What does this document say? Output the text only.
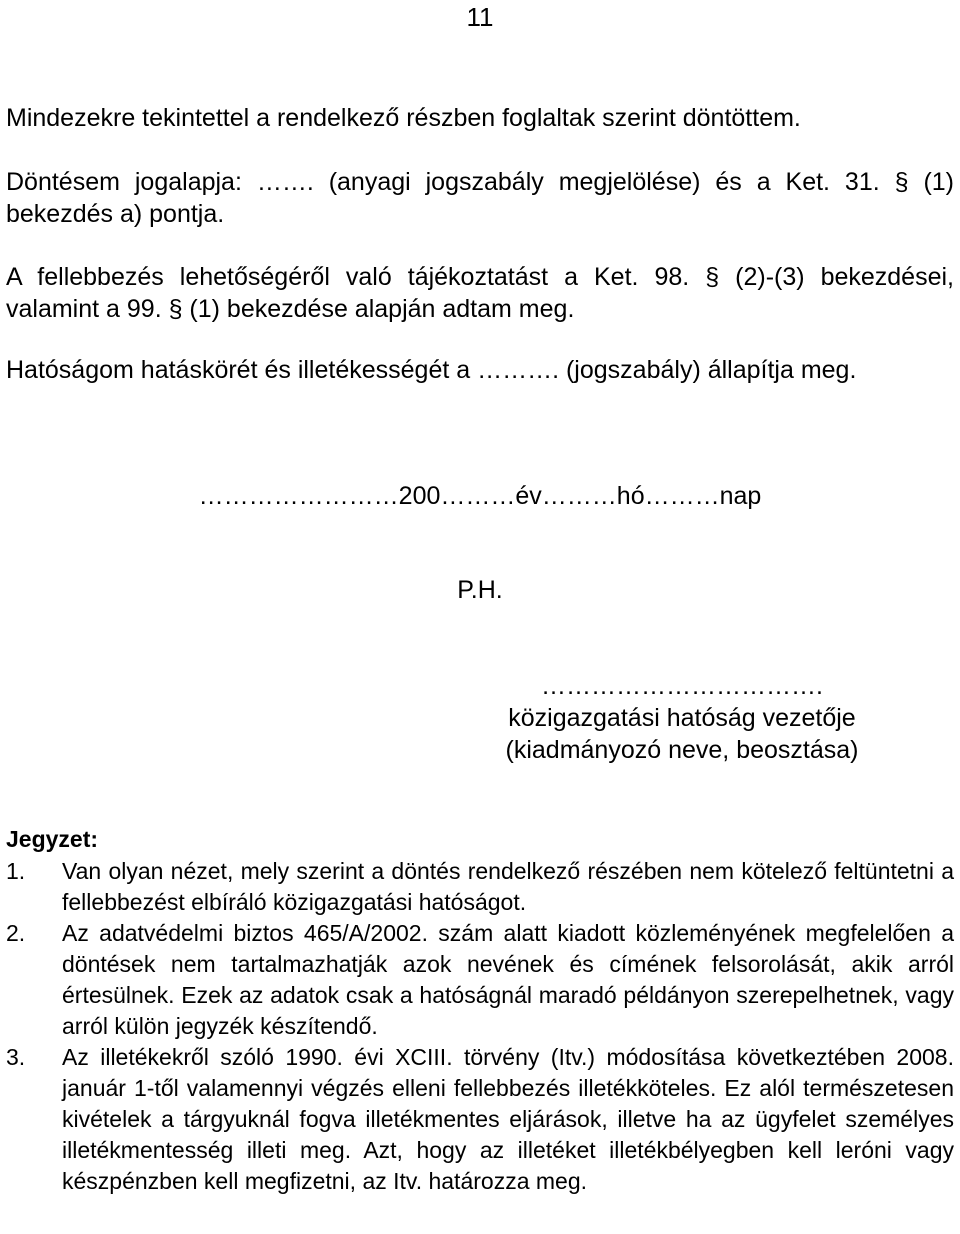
11

Mindezekre tekintettel a rendelkező részben foglaltak szerint döntöttem.

Döntésem jogalapja: ……. (anyagi jogszabály megjelölése) és a Ket. 31. § (1) bekezdés a) pontja.

A fellebbezés lehetőségéről való tájékoztatást a Ket. 98. § (2)-(3) bekezdései, valamint a 99. § (1) bekezdése alapján adtam meg.

Hatóságom hatáskörét és illetékességét a ………. (jogszabály) állapítja meg.

……………………200………év………hó………nap
P.H.
…………………………….
közigazgatási hatóság vezetője
(kiadmányozó neve, beosztása)
Jegyzet:

1. Van olyan nézet, mely szerint a döntés rendelkező részében nem kötelező feltüntetni a fellebbezést elbíráló közigazgatási hatóságot.

2. Az adatvédelmi biztos 465/A/2002. szám alatt kiadott közleményének megfelelően a döntések nem tartalmazhatják azok nevének és címének felsorolását, akik arról értesülnek. Ezek az adatok csak a hatóságnál maradó példányon szerepelhetnek, vagy arról külön jegyzék készítendő.

3. Az illetékekről szóló 1990. évi XCIII. törvény (Itv.) módosítása következtében 2008. január 1-től valamennyi végzés elleni fellebbezés illetékköteles. Ez alól természetesen kivételek a tárgyuknál fogva illetékmentes eljárások, illetve ha az ügyfelet személyes illetékmentesség illeti meg. Azt, hogy az illetéket illetékbélyegben kell leróni vagy készpénzben kell megfizetni, az Itv. határozza meg.
